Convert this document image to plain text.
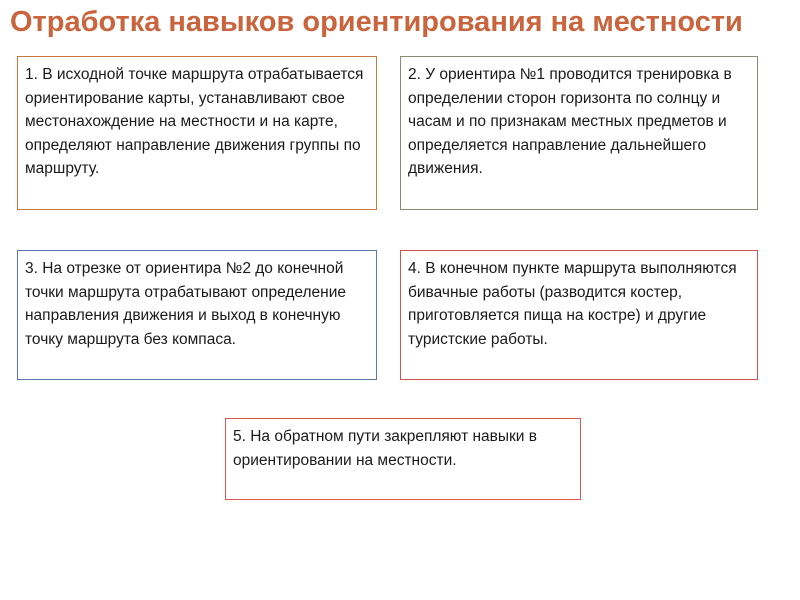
Отработка навыков ориентирования на местности
1. В исходной точке маршрута отрабатывается ориентирование карты, устанавливают свое местонахождение на местности и на карте, определяют направление движения группы по маршруту.
2. У ориентира №1 проводится тренировка в определении сторон горизонта по солнцу и часам и по признакам местных предметов и определяется направление дальнейшего движения.
3. На отрезке от ориентира №2 до конечной точки маршрута отрабатывают определение направления движения и выход в конечную точку маршрута без компаса.
4. В конечном пункте маршрута выполняются бивачные работы (разводится костер, приготовляется пища на костре) и другие туристские работы.
5. На обратном пути закрепляют навыки в ориентировании на местности.
